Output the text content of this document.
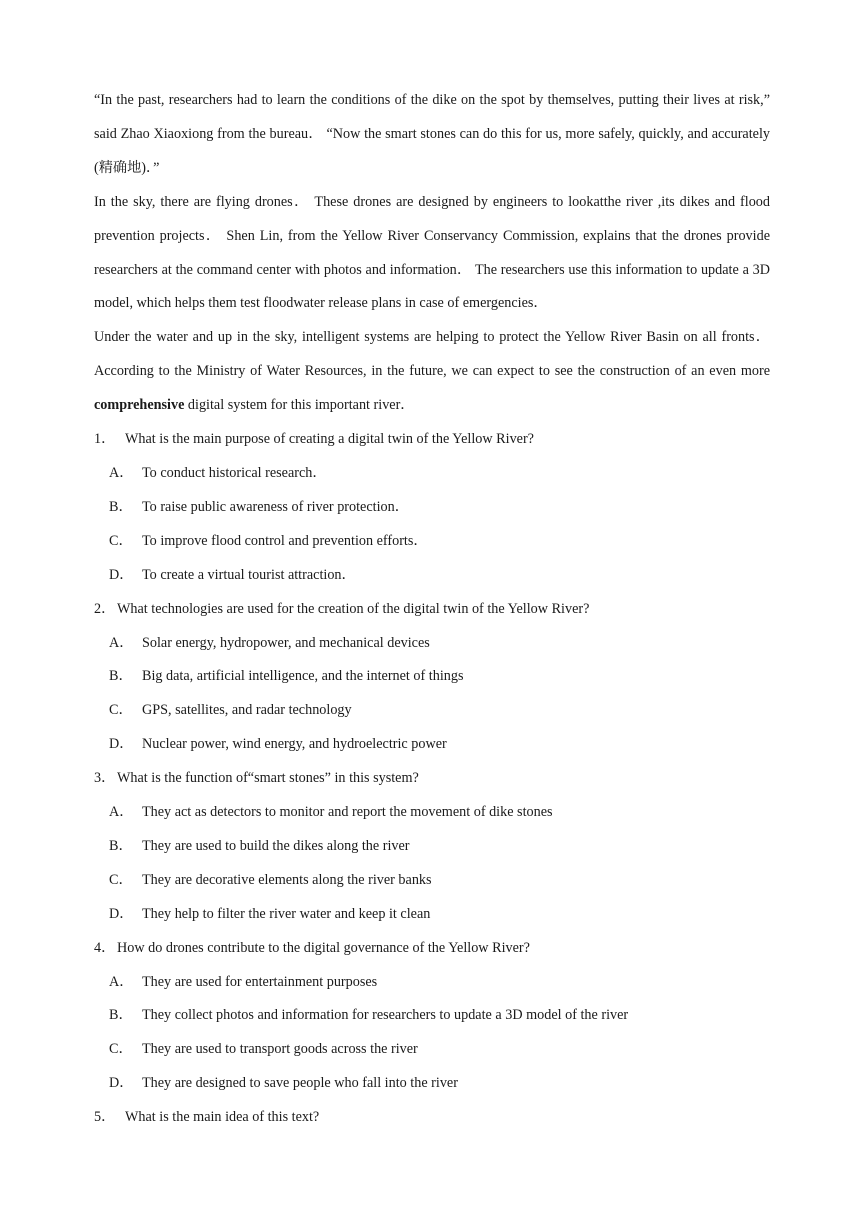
“In the past, researchers had to learn the conditions of the dike on the spot by themselves, putting their lives at risk,” said Zhao Xiaoxiong from the bureau． “Now the smart stones can do this for us, more safely, quickly, and accurately (精确地)．”

In the sky, there are flying drones． These drones are designed by engineers to lookatthe river ,its dikes and flood prevention projects． Shen Lin, from the Yellow River Conservancy Commission, explains that the drones provide researchers at the command center with photos and information． The researchers use this information to update a 3D model, which helps them test floodwater release plans in case of emergencies．

Under the water and up in the sky, intelligent systems are helping to protect the Yellow River Basin on all fronts． According to the Ministry of Water Resources, in the future, we can expect to see the construction of an even more comprehensive digital system for this important river．

1． What is the main purpose of creating a digital twin of the Yellow River?

A． To conduct historical research．

B． To raise public awareness of river protection．

C． To improve flood control and prevention efforts．

D． To create a virtual tourist attraction．

2． What technologies are used for the creation of the digital twin of the Yellow River?

A． Solar energy, hydropower, and mechanical devices

B． Big data, artificial intelligence, and the internet of things

C． GPS, satellites, and radar technology

D． Nuclear power, wind energy, and hydroelectric power

3． What is the function of“smart stones” in this system?

A． They act as detectors to monitor and report the movement of dike stones

B． They are used to build the dikes along the river

C． They are decorative elements along the river banks

D． They help to filter the river water and keep it clean

4． How do drones contribute to the digital governance of the Yellow River?

A． They are used for entertainment purposes

B． They collect photos and information for researchers to update a 3D model of the river

C． They are used to transport goods across the river

D． They are designed to save people who fall into the river

5． What is the main idea of this text?
